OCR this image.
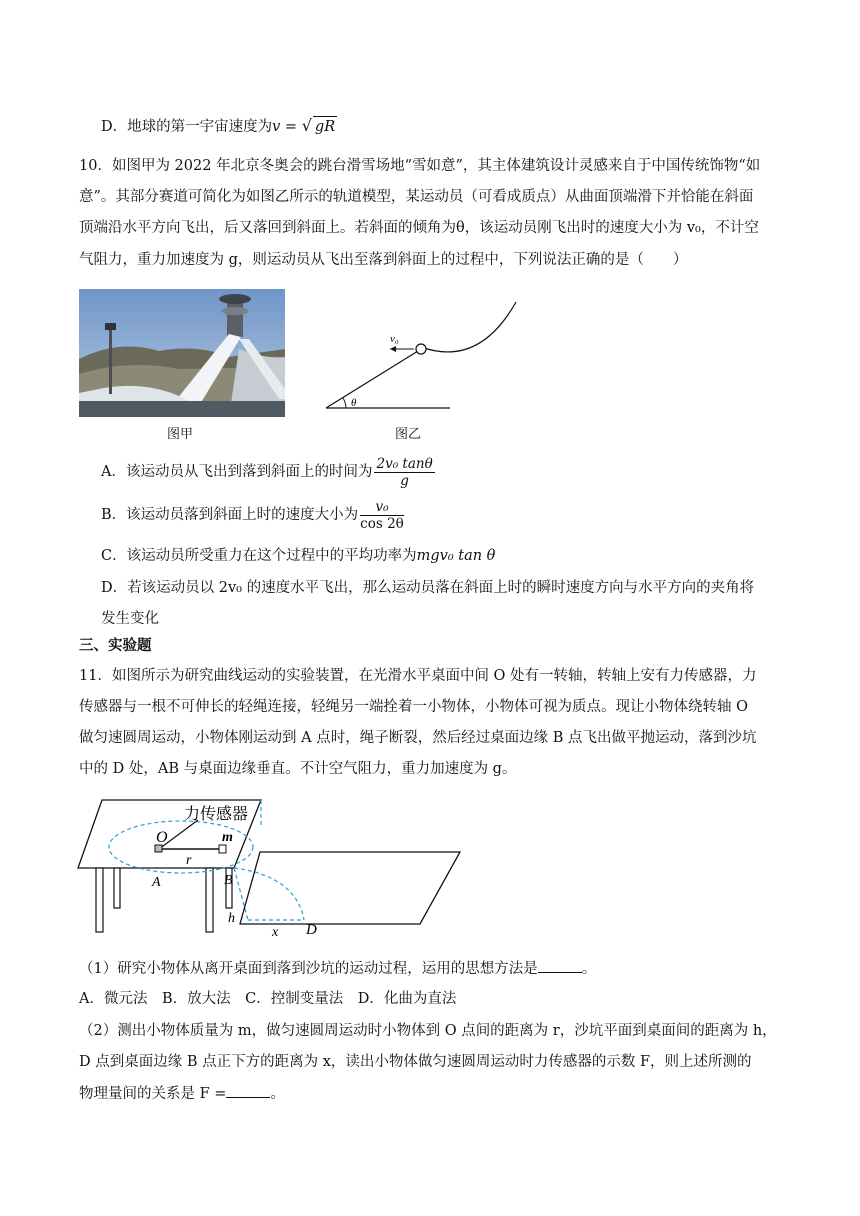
D．地球的第一宇宙速度为v = √ gR
10．如图甲为 2022 年北京冬奥会的跳台滑雪场地“雪如意”，其主体建筑设计灵感来自于中国传统饰物“如
意”。其部分赛道可简化为如图乙所示的轨道模型，某运动员（可看成质点）从曲面顶端滑下并恰能在斜面
顶端沿水平方向飞出，后又落回到斜面上。若斜面的倾角为θ，该运动员刚飞出时的速度大小为 v₀，不计空
气阻力，重力加速度为 g，则运动员从飞出至落到斜面上的过程中，下列说法正确的是（　　）
图甲
v₀
θ
图乙
A．该运动员从飞出到落到斜面上的时间为 $\frac{\text{2v₀ tanθ}}{g}$
B．该运动员落到斜面上时的速度大小为 $\frac{\text{v₀}}{\cos 2\theta}$
C．该运动员所受重力在这个过程中的平均功率为mgv₀ tan θ
D．若该运动员以 2v₀ 的速度水平飞出，那么运动员落在斜面上时的瞬时速度方向与水平方向的夹角将
发生变化
三、实验题
11．如图所示为研究曲线运动的实验装置，在光滑水平桌面中间 O 处有一转轴，转轴上安有力传感器，力
传感器与一根不可伸长的轻绳连接，轻绳另一端拴着一小物体，小物体可视为质点。现让小物体绕转轴 O
做匀速圆周运动，小物体刚运动到 A 点时，绳子断裂，然后经过桌面边缘 B 点飞出做平抛运动，落到沙坑
中的 D 处，AB 与桌面边缘垂直。不计空气阻力，重力加速度为 g。
力传感器
O	m
r
A	B
h
x D
（1）研究小物体从离开桌面到落到沙坑的运动过程，运用的思想方法是	。
A．微元法　B．放大法　C．控制变量法　D．化曲为直法
（2）测出小物体质量为 m，做匀速圆周运动时小物体到 O 点间的距离为 r，沙坑平面到桌面间的距离为 h，
D 点到桌面边缘 B 点正下方的距离为 x，读出小物体做匀速圆周运动时力传感器的示数 F，则上述所测的
物理量间的关系是 F =	。
